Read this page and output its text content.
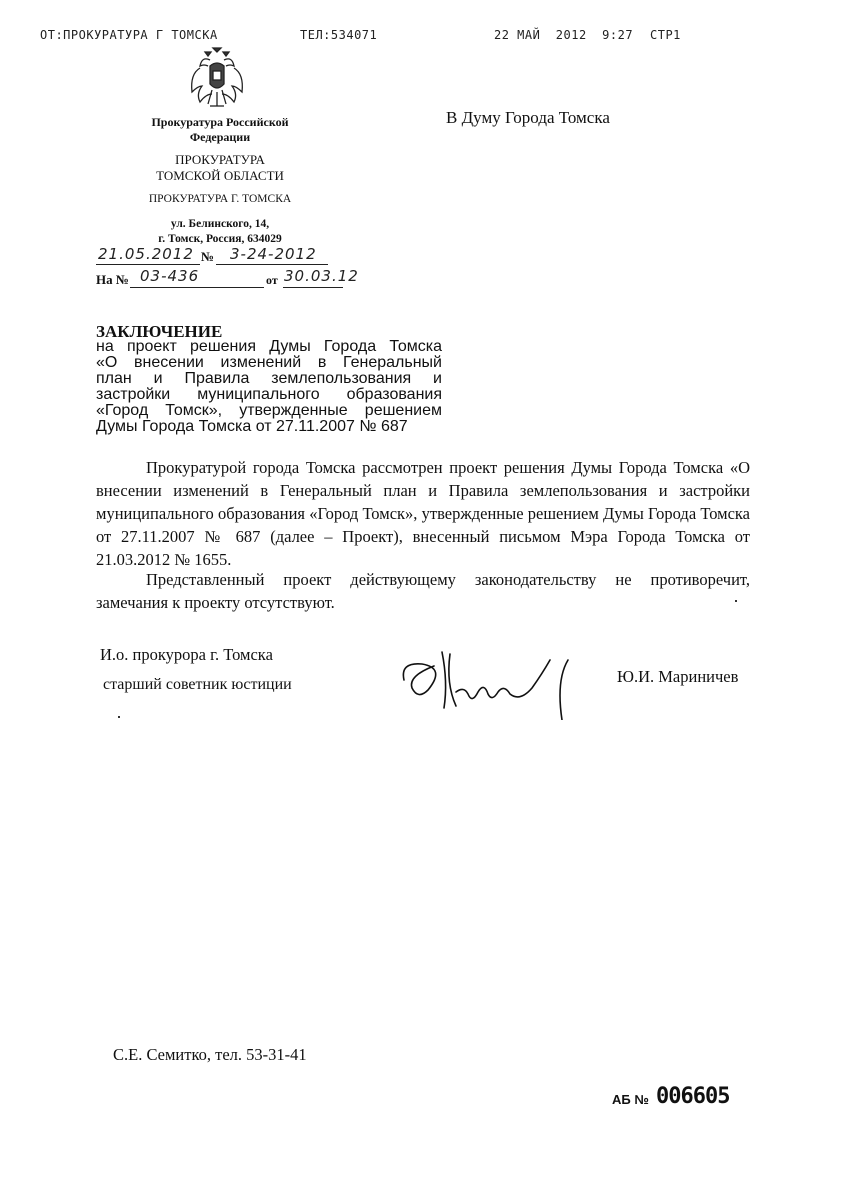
ОТ:ПРОКУРАТУРА Г ТОМСКА	ТЕЛ:534071	22 МАЙ  2012  9:27 СТР1
Прокуратура Российской
Федерации
ПРОКУРАТУРА
ТОМСКОЙ ОБЛАСТИ
ПРОКУРАТУРА Г. ТОМСКА
ул. Белинского, 14,
г. Томск, Россия, 634029
21.05.2012 № 3-24-2012
На № 03-436	от 30.03.12
В Думу Города Томска
ЗАКЛЮЧЕНИЕ
на проект решения Думы Города Томска
«О внесении изменений в Генеральный
план и Правила землепользования и
застройки муниципального образования
«Город Томск», утвержденные решением
Думы Города Томска от 27.11.2007 № 687
Прокуратурой города Томска рассмотрен проект решения Думы Города Томска «О внесении изменений в Генеральный план и Правила землепользования и застройки муниципального образования «Город Томск», утвержденные решением Думы Города Томска от 27.11.2007 № 687 (далее – Проект), внесенный письмом Мэра Города Томска от 21.03.2012 № 1655.
Представленный проект действующему законодательству не противоречит, замечания к проекту отсутствуют.
И.о. прокурора г. Томска
старший советник юстиции	Ю.И. Мариничев
С.Е. Семитко, тел. 53-31-41
АБ № 006605
